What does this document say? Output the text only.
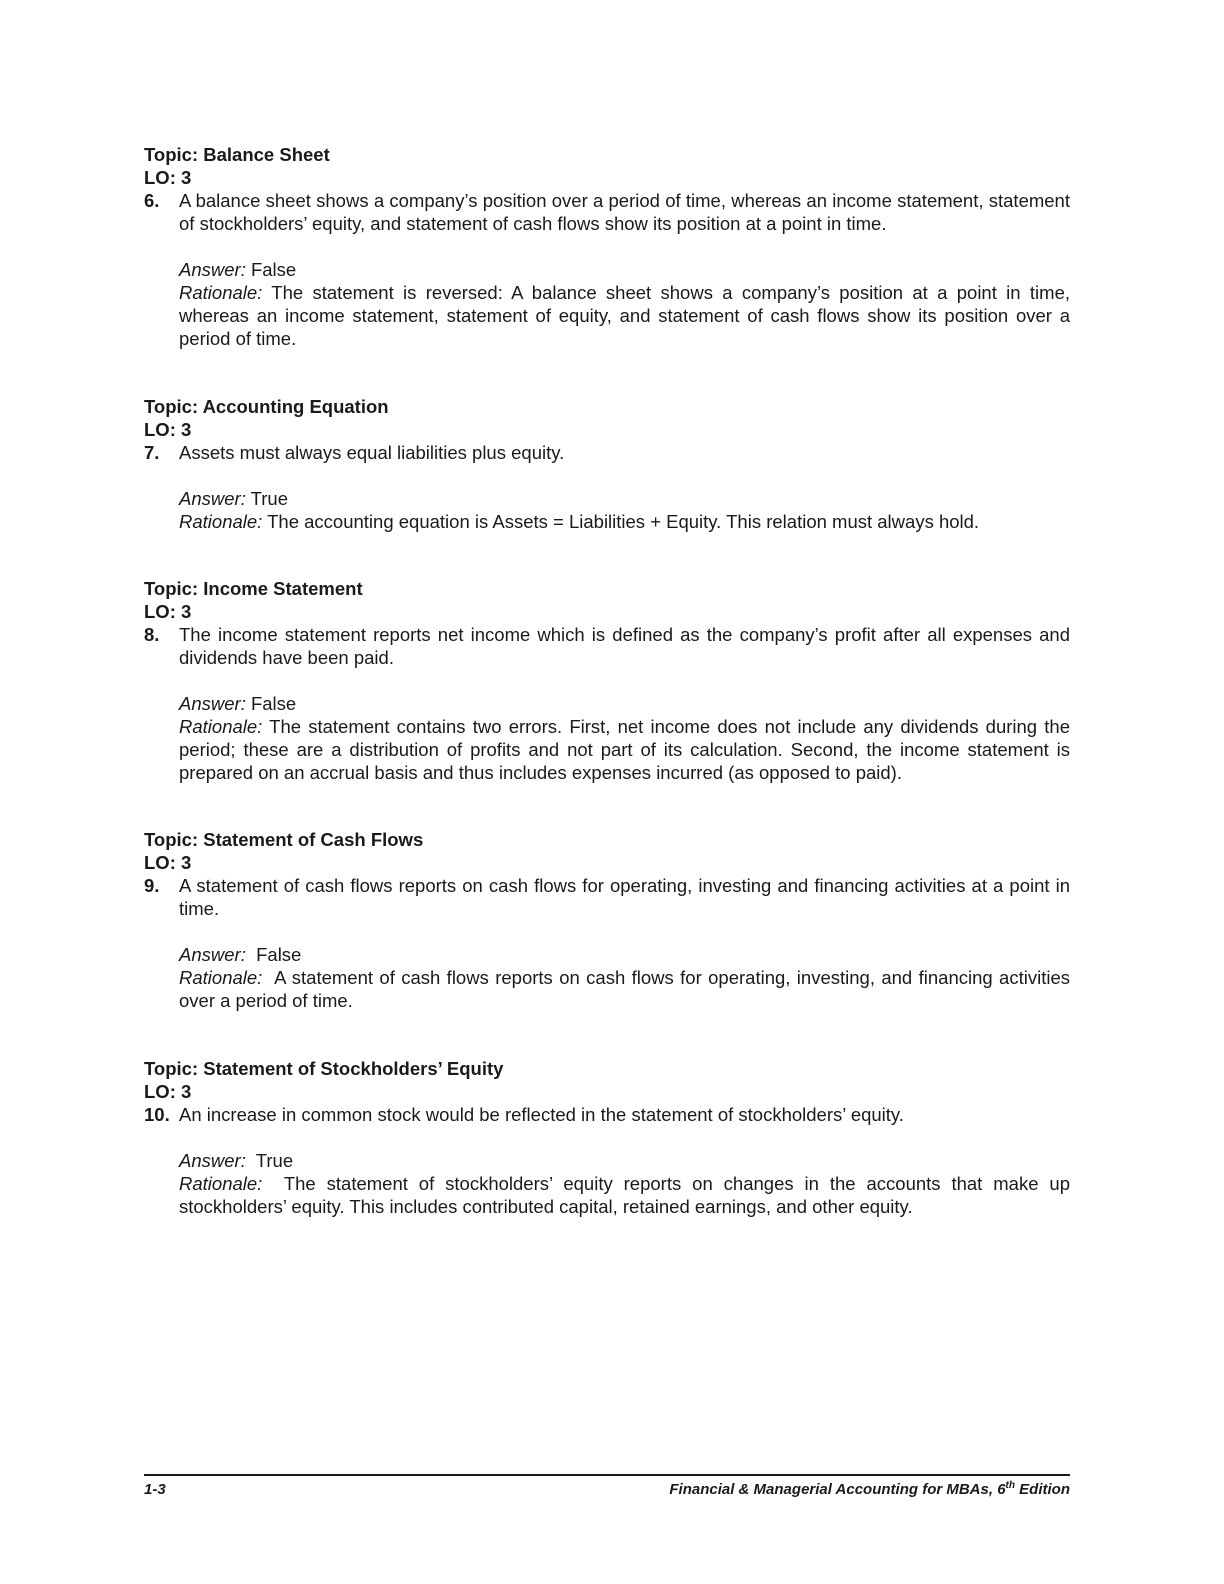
Topic: Balance Sheet
LO: 3
6.	A balance sheet shows a company’s position over a period of time, whereas an income statement, statement of stockholders’ equity, and statement of cash flows show its position at a point in time.
Answer: False
Rationale: The statement is reversed: A balance sheet shows a company’s position at a point in time, whereas an income statement, statement of equity, and statement of cash flows show its position over a period of time.
Topic: Accounting Equation
LO: 3
7.	Assets must always equal liabilities plus equity.
Answer: True
Rationale: The accounting equation is Assets = Liabilities + Equity. This relation must always hold.
Topic: Income Statement
LO: 3
8.	The income statement reports net income which is defined as the company’s profit after all expenses and dividends have been paid.
Answer: False
Rationale: The statement contains two errors. First, net income does not include any dividends during the period; these are a distribution of profits and not part of its calculation. Second, the income statement is prepared on an accrual basis and thus includes expenses incurred (as opposed to paid).
Topic: Statement of Cash Flows
LO: 3
9.	A statement of cash flows reports on cash flows for operating, investing and financing activities at a point in time.
Answer:  False
Rationale:  A statement of cash flows reports on cash flows for operating, investing, and financing activities over a period of time.
Topic: Statement of Stockholders’ Equity
LO: 3
10. An increase in common stock would be reflected in the statement of stockholders’ equity.
Answer:  True
Rationale:  The statement of stockholders’ equity reports on changes in the accounts that make up stockholders’ equity. This includes contributed capital, retained earnings, and other equity.
1-3	Financial & Managerial Accounting for MBAs, 6th Edition
